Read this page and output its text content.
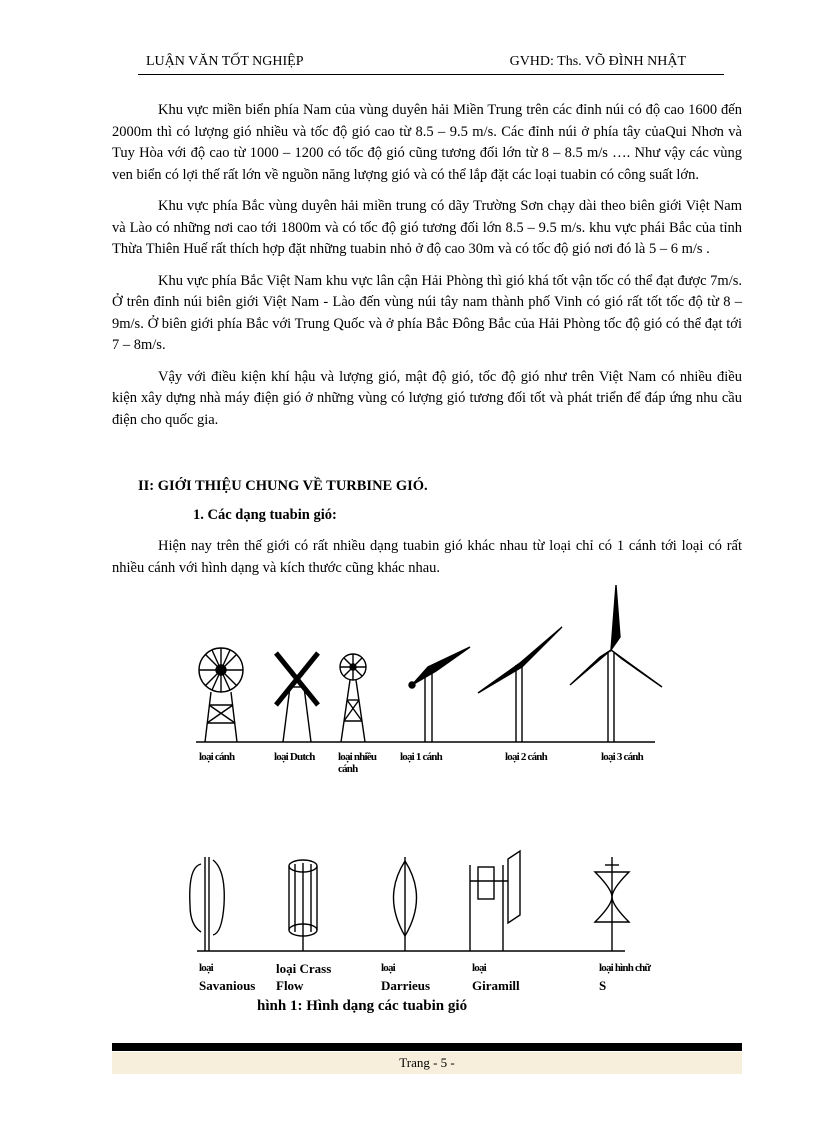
LUẬN VĂN TỐT NGHIỆP	GVHD: Ths. VÕ ĐÌNH NHẬT

Khu vực miền biển phía Nam của vùng duyên hải Miền Trung trên các đỉnh núi có độ cao 1600 đến 2000m thì có lượng gió nhiều và tốc độ gió cao từ 8.5 – 9.5 m/s. Các đỉnh núi ở phía tây củaQui Nhơn và Tuy Hòa với độ cao từ 1000 – 1200 có tốc độ gió cũng tương đối lớn từ 8 – 8.5 m/s …. Như vậy các vùng ven biển có lợi thế rất lớn về nguồn năng lượng gió và có thể lắp đặt các loại tuabin có công suất lớn.

Khu vực phía Bắc vùng duyên hải miền trung có dãy Trường Sơn chạy dài theo biên giới Việt Nam và Lào có những nơi cao tới 1800m và có tốc độ gió tương đối lớn 8.5 – 9.5 m/s. khu vực phái Bắc của tỉnh Thừa Thiên Huế rất thích hợp đặt những tuabin nhỏ ở độ cao 30m và có tốc độ gió nơi đó là 5 – 6 m/s .

Khu vực phía Bắc Việt Nam khu vực lân cận Hải Phòng thì gió khá tốt vận tốc có thể đạt được 7m/s. Ở trên đỉnh núi biên giới Việt Nam - Lào đến vùng núi tây nam thành phố Vinh có gió rất tốt tốc độ từ 8 – 9m/s. Ở biên giới phía Bắc với Trung Quốc và ở phía Bắc Đông Bắc của Hải Phòng tốc độ gió có thể đạt tới 7 – 8m/s.

Vậy với điều kiện khí hậu và lượng gió, mật độ gió, tốc độ gió như trên Việt Nam có nhiều điều kiện xây dựng nhà máy điện gió ở những vùng có lượng gió tương đối tốt và phát triển để đáp ứng nhu cầu điện cho quốc gia.

II: GIỚI THIỆU CHUNG VỀ TURBINE GIÓ.
1. Các dạng tuabin gió:

Hiện nay trên thế giới có rất nhiều dạng tuabin gió khác nhau từ loại chỉ có 1 cánh tới loại có rất nhiều cánh với hình dạng và kích thước cũng khác nhau.

loại cánh	loại Dutch loại nhiều cánh
loại 1 cánh	loại 2 cánh	loại 3 cánh
loại
Savanious
loại Crass
Flow
loại
Darrieus
loại
Giramill
loại hình chữ
S
hình 1: Hình dạng các tuabin gió
Trang - 5 -
